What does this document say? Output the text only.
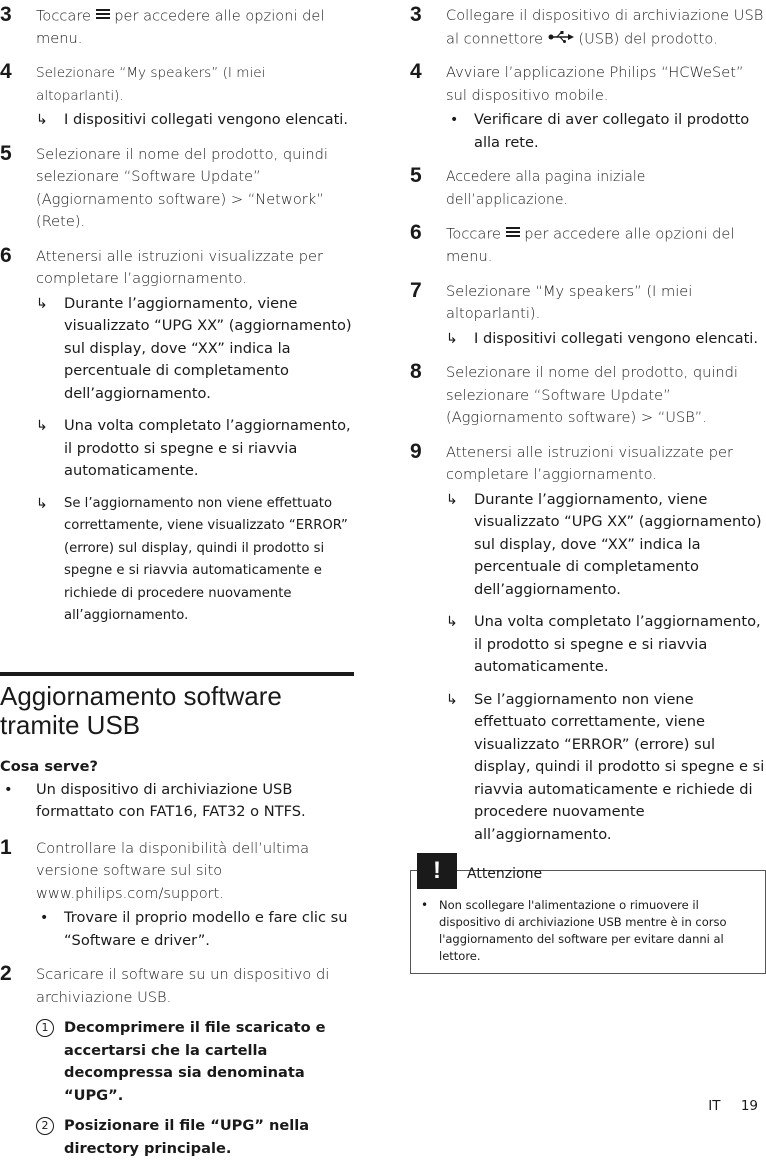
3 Toccare per accedere alle opzioni del menu.
4 Selezionare “My speakers” (I miei altoparlanti).
↳ I dispositivi collegati vengono elencati.
5 Selezionare il nome del prodotto, quindi selezionare “Software Update” (Aggiornamento software) > “Network” (Rete).
6 Attenersi alle istruzioni visualizzate per completare l’aggiornamento.
↳ Durante l’aggiornamento, viene visualizzato “UPG XX” (aggiornamento) sul display, dove “XX” indica la percentuale di completamento dell’aggiornamento.
↳ Una volta completato l’aggiornamento, il prodotto si spegne e si riavvia automaticamente.
↳ Se l’aggiornamento non viene effettuato correttamente, viene visualizzato “ERROR” (errore) sul display, quindi il prodotto si spegne e si riavvia automaticamente e richiede di procedere nuovamente all’aggiornamento.
Aggiornamento software tramite USB
Cosa serve?
• Un dispositivo di archiviazione USB formattato con FAT16, FAT32 o NTFS.
1 Controllare la disponibilità dell’ultima versione software sul sito www.philips.com/support.
• Trovare il proprio modello e fare clic su “Software e driver”.
2 Scaricare il software su un dispositivo di archiviazione USB.
1	Decomprimere il file scaricato e accertarsi che la cartella decompressa sia denominata “UPG”.
2	Posizionare il file “UPG” nella directory principale.
3 Collegare il dispositivo di archiviazione USB al connettore  (USB) del prodotto.
4 Avviare l’applicazione Philips “HCWeSet” sul dispositivo mobile.
• Verificare di aver collegato il prodotto alla rete.
5 Accedere alla pagina iniziale dell’applicazione.
6 Toccare per accedere alle opzioni del menu.
7 Selezionare “My speakers” (I miei altoparlanti).
↳ I dispositivi collegati vengono elencati.
8 Selezionare il nome del prodotto, quindi selezionare “Software Update” (Aggiornamento software) > “USB”.
9 Attenersi alle istruzioni visualizzate per completare l’aggiornamento.
↳ Durante l’aggiornamento, viene visualizzato “UPG XX” (aggiornamento) sul display, dove “XX” indica la percentuale di completamento dell’aggiornamento.
↳ Una volta completato l’aggiornamento, il prodotto si spegne e si riavvia automaticamente.
↳ Se l’aggiornamento non viene effettuato correttamente, viene visualizzato “ERROR” (errore) sul display, quindi il prodotto si spegne e si riavvia automaticamente e richiede di procedere nuovamente all’aggiornamento.
!	Attenzione
• Non scollegare l'alimentazione o rimuovere il dispositivo di archiviazione USB mentre è in corso l'aggiornamento del software per evitare danni al lettore.
IT 19
